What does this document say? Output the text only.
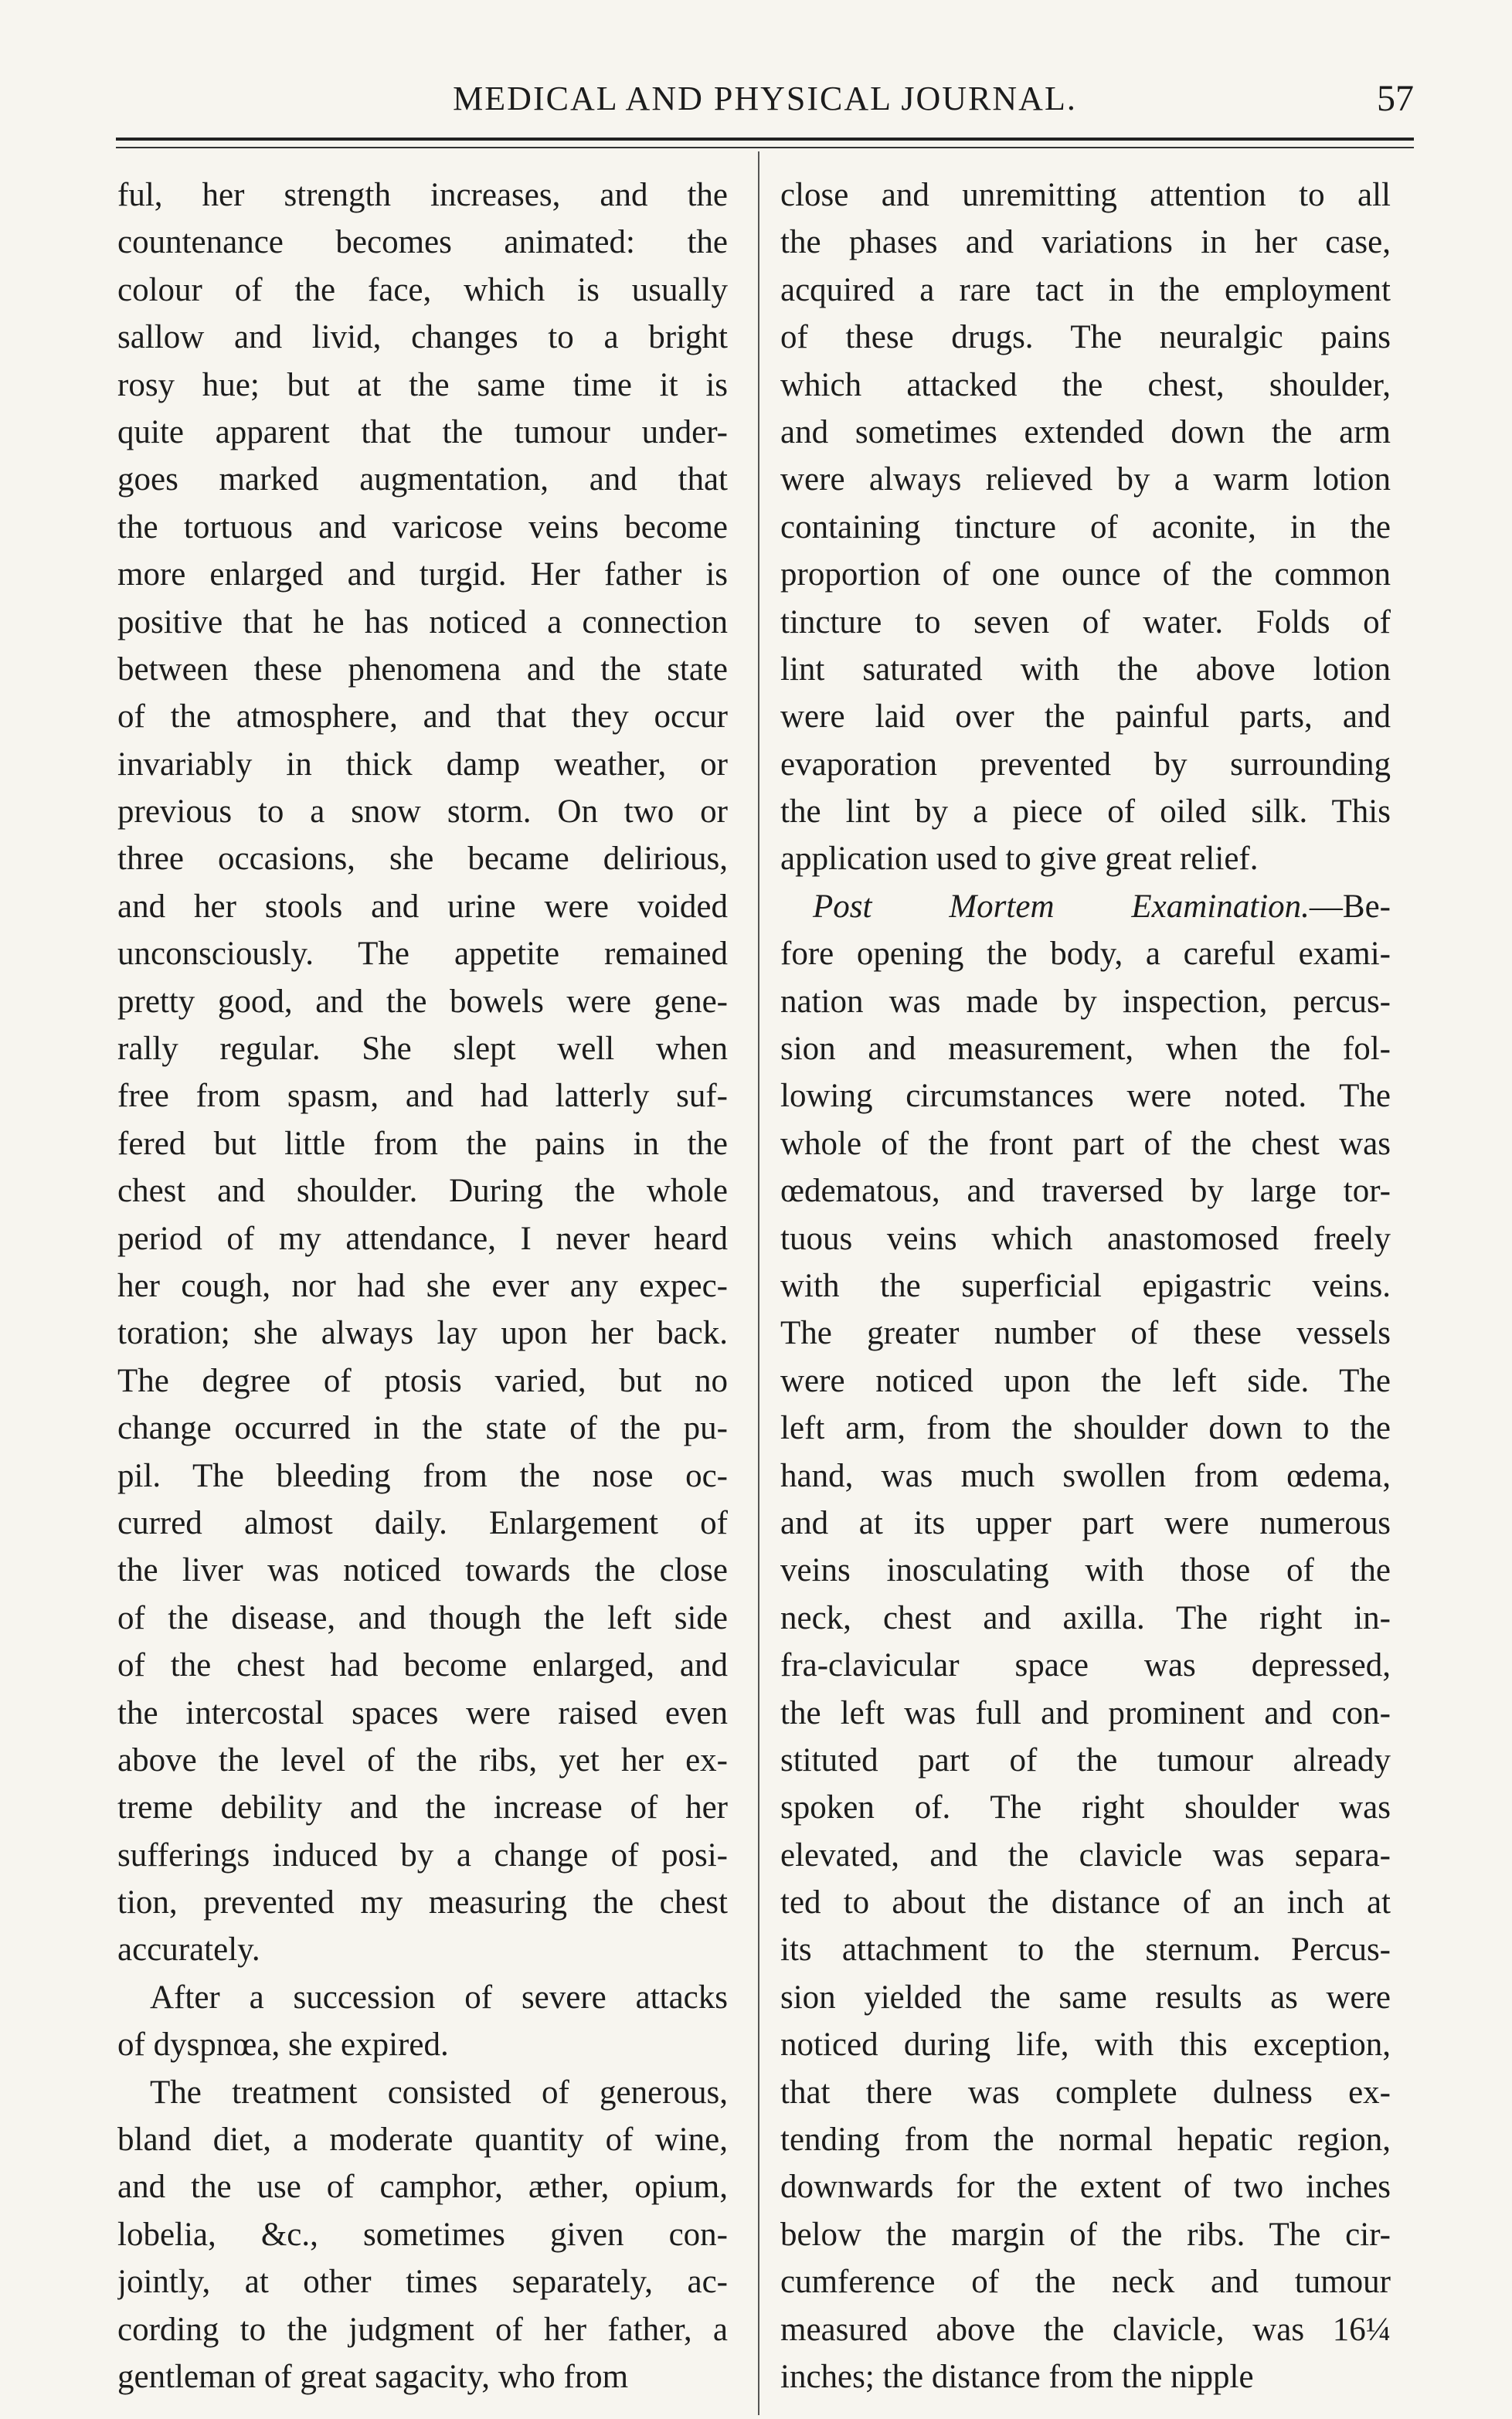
MEDICAL AND PHYSICAL JOURNAL.	57
ful, her strength increases, and the
countenance becomes animated: the
colour of the face, which is usually
sallow and livid, changes to a bright
rosy hue; but at the same time it is
quite apparent that the tumour under-
goes marked augmentation, and that
the tortuous and varicose veins become
more enlarged and turgid. Her father is
positive that he has noticed a connection
between these phenomena and the state
of the atmosphere, and that they occur
invariably in thick damp weather, or
previous to a snow storm. On two or
three occasions, she became delirious,
and her stools and urine were voided
unconsciously. The appetite remained
pretty good, and the bowels were gene-
rally regular. She slept well when
free from spasm, and had latterly suf-
fered but little from the pains in the
chest and shoulder. During the whole
period of my attendance, I never heard
her cough, nor had she ever any expec-
toration; she always lay upon her back.
The degree of ptosis varied, but no
change occurred in the state of the pu-
pil. The bleeding from the nose oc-
curred almost daily. Enlargement of
the liver was noticed towards the close
of the disease, and though the left side
of the chest had become enlarged, and
the intercostal spaces were raised even
above the level of the ribs, yet her ex-
treme debility and the increase of her
sufferings induced by a change of posi-
tion, prevented my measuring the chest
accurately.
After a succession of severe attacks
of dyspnœa, she expired.
The treatment consisted of generous,
bland diet, a moderate quantity of wine,
and the use of camphor, æther, opium,
lobelia, &c., sometimes given con-
jointly, at other times separately, ac-
cording to the judgment of her father, a
gentleman of great sagacity, who from
close and unremitting attention to all
the phases and variations in her case,
acquired a rare tact in the employment
of these drugs. The neuralgic pains
which attacked the chest, shoulder,
and sometimes extended down the arm
were always relieved by a warm lotion
containing tincture of aconite, in the
proportion of one ounce of the common
tincture to seven of water. Folds of
lint saturated with the above lotion
were laid over the painful parts, and
evaporation prevented by surrounding
the lint by a piece of oiled silk. This
application used to give great relief.
Post Mortem Examination.—Be-
fore opening the body, a careful exami-
nation was made by inspection, percus-
sion and measurement, when the fol-
lowing circumstances were noted. The
whole of the front part of the chest was
œdematous, and traversed by large tor-
tuous veins which anastomosed freely
with the superficial epigastric veins.
The greater number of these vessels
were noticed upon the left side. The
left arm, from the shoulder down to the
hand, was much swollen from œdema,
and at its upper part were numerous
veins inosculating with those of the
neck, chest and axilla. The right in-
fra-clavicular space was depressed,
the left was full and prominent and con-
stituted part of the tumour already
spoken of. The right shoulder was
elevated, and the clavicle was separa-
ted to about the distance of an inch at
its attachment to the sternum. Percus-
sion yielded the same results as were
noticed during life, with this exception,
that there was complete dulness ex-
tending from the normal hepatic region,
downwards for the extent of two inches
below the margin of the ribs. The cir-
cumference of the neck and tumour
measured above the clavicle, was 16¼
inches; the distance from the nipple
